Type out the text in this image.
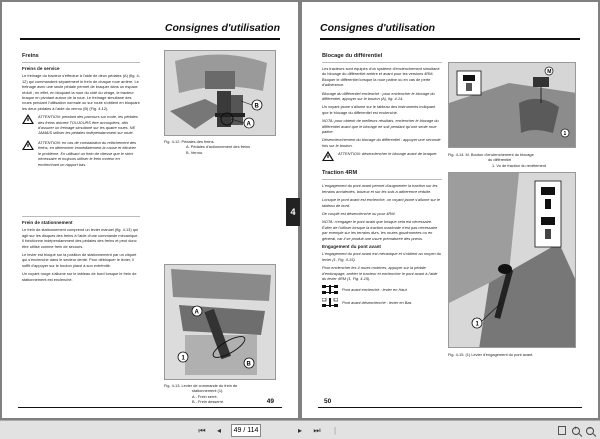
Consignes d'utilisation
Freins
Freins de service
Le freinage du tracteur s'effectue à l'aide de deux pédales (A) (fig. 4-12) qui commandent séparément le frein de chaque roue arrière. Le freinage avec une seule pédale permet de braquer dans un espace réduit ; en effet, en bloquant la roue du côté du virage, le tracteur braque en pivotant autour de la roue. Le freinage simultané des roues pendant l'utilisation normale ou sur route s'obtient en bloquant les deux pédales à l'aide du verrou (B) (Fig. 4-12).
ATTENTION: pendant des parcours sur route, les pédales des freins doivent TOUJOURS être accouplées, afin d'assurer un freinage simultané sur les quatre roues. NE JAMAIS utiliser les pédales indépendamment sur route.
ATTENTION: en cas de constatation du relâchement des freins, en déterminer immédiatement la cause et éliminer le problème. En utilisant un frein de vitesse que le strict nécessaire et toujours utiliser le frein moteur en enclenchant un rapport bas.
B
A
Fig. 4-12. Pédales des freins.
A. Pédales d'actionnement des freins
B. Verrou.
Frein de stationnement
Le frein de stationnement comprend un levier manuel (fig. 4-13) qui agit sur les disques des freins à l'aide d'une commande mécanique. Il fonctionne indépendamment des pédales des freins et peut donc être utilisé comme frein de secours.
Le levier est bloqué sur la position de stationnement par un cliquet qui s'enclenche dans le secteur denté. Pour débloquer le levier, il suffit d'appuyer sur le bouton placé à son extrémité.
Un voyant rouge s'allume sur le tableau de bord lorsque le frein de stationnement est enclenché.
A
B
1
Fig. 4-13. Levier de commande du frein de
stationnement (1).
A - Frein serré.
B - Frein desserré.	49
Consignes d'utilisation
Blocage du différentiel
Les tracteurs sont équipés d'un système d'enclenchement simultané du blocage du différentiel arrière et avant pour les versions 4RM. Bloquer le différentiel lorsque la roue patine ou en cas de perte d'adhérence.
Blocage du différentiel enclenché : pour enclencher le blocage du différentiel, appuyer sur le bouton (A), fig. 4-14.
Un voyant jaune s'allume sur le tableau des instruments indiquant que le blocage du différentiel est enclenché.
NOTA: pour obtenir de meilleurs résultats, enclencher le blocage du différentiel avant que le blocage ne soit pendant qu'une seule roue patine.
Désenclenchement du blocage du différentiel : appuyer une seconde fois sur le bouton.
ATTENTION: désenclencher le blocage avant de braquer.
Traction 4RM
L'engagement du pont avant permet d'augmenter la traction sur les terrains accidentés, boueux et sur les sols à adhérence réduite.
Lorsque le pont avant est enclenché, un voyant jaune s'allume sur le tableau de bord.
De couplé est désenclenché ou pour 4RM.
NOTA: n'engager le pont avant que lorsque cela est nécessaire. Éviter de l'utiliser lorsque la traction maximale n'est pas nécessaire par exemple sur les terrains durs, les routes goudronnées ou en général, car il se produit une usure prématurée des pneus.
Engagement du pont avant
L'engagement du pont avant est mécanique et s'obtient au moyen du levier (1, Fig. 4-15).
Pour enclencher les 4 roues motrices, appuyer sur la pédale d'embrayage, arrêter le tracteur et enclencher le pont avant à l'aide du levier 4RM (1, Fig. 4-15).
Pont avant enclenché : levier en Haut
Pont avant désenclenché : levier en Bas
M
1
Fig. 4-14. M. Bouton d'enclenchement du blocage
du différentiel
1. Vo de fraction du revêtement
1
Fig. 4-15. (1) Levier d'engagement du pont avant.
50
4
⏮	◂
49 / 114	▸	⏭	|	+ –
